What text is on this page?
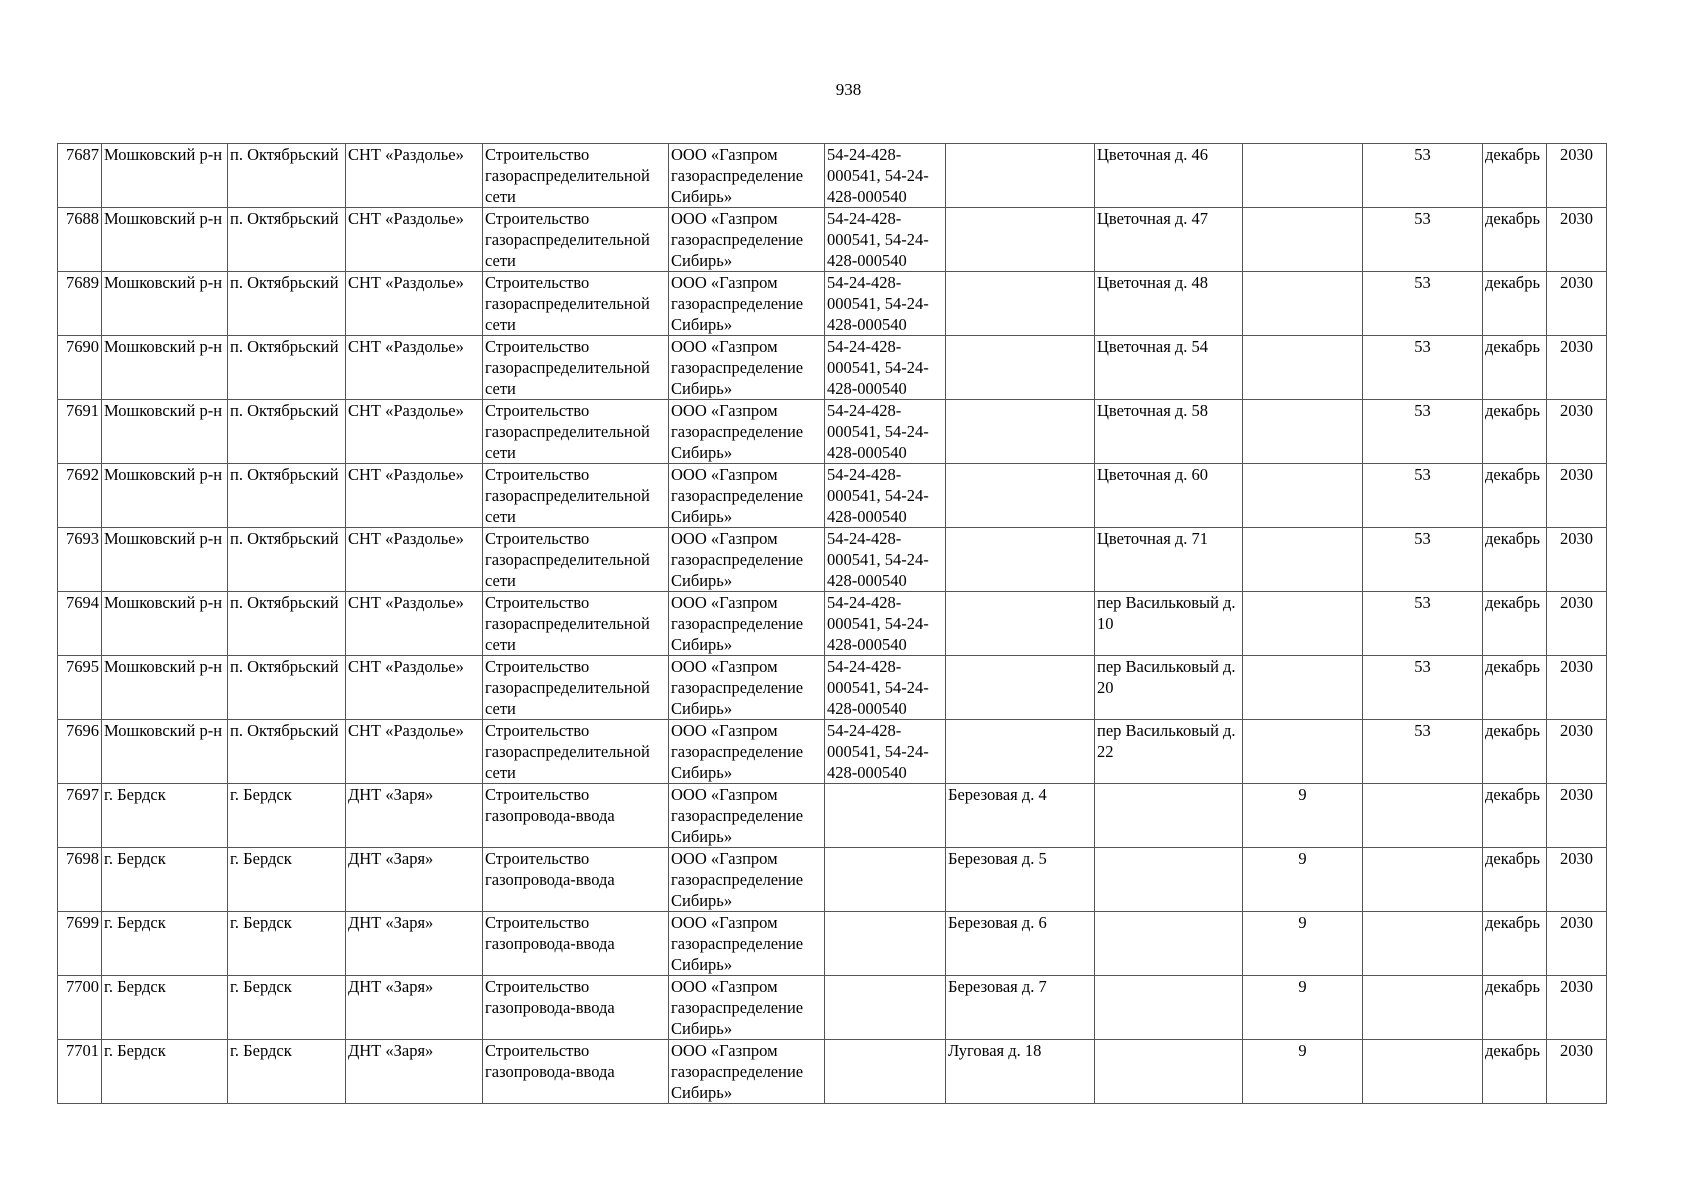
938
7687	Мошковский р-н	п. Октябрьский	СНТ «Раздолье»	Строительство газораспределительной сети	ООО «Газпром газораспределение Сибирь»	54-24-428-000541, 54-24-428-000540		Цветочная д. 46		53	декабрь	2030
7688	Мошковский р-н	п. Октябрьский	СНТ «Раздолье»	Строительство газораспределительной сети	ООО «Газпром газораспределение Сибирь»	54-24-428-000541, 54-24-428-000540		Цветочная д. 47		53	декабрь	2030
7689	Мошковский р-н	п. Октябрьский	СНТ «Раздолье»	Строительство газораспределительной сети	ООО «Газпром газораспределение Сибирь»	54-24-428-000541, 54-24-428-000540		Цветочная д. 48		53	декабрь	2030
7690	Мошковский р-н	п. Октябрьский	СНТ «Раздолье»	Строительство газораспределительной сети	ООО «Газпром газораспределение Сибирь»	54-24-428-000541, 54-24-428-000540		Цветочная д. 54		53	декабрь	2030
7691	Мошковский р-н	п. Октябрьский	СНТ «Раздолье»	Строительство газораспределительной сети	ООО «Газпром газораспределение Сибирь»	54-24-428-000541, 54-24-428-000540		Цветочная д. 58		53	декабрь	2030
7692	Мошковский р-н	п. Октябрьский	СНТ «Раздолье»	Строительство газораспределительной сети	ООО «Газпром газораспределение Сибирь»	54-24-428-000541, 54-24-428-000540		Цветочная д. 60		53	декабрь	2030
7693	Мошковский р-н	п. Октябрьский	СНТ «Раздолье»	Строительство газораспределительной сети	ООО «Газпром газораспределение Сибирь»	54-24-428-000541, 54-24-428-000540		Цветочная д. 71		53	декабрь	2030
7694	Мошковский р-н	п. Октябрьский	СНТ «Раздолье»	Строительство газораспределительной сети	ООО «Газпром газораспределение Сибирь»	54-24-428-000541, 54-24-428-000540		пер Васильковый д. 10		53	декабрь	2030
7695	Мошковский р-н	п. Октябрьский	СНТ «Раздолье»	Строительство газораспределительной сети	ООО «Газпром газораспределение Сибирь»	54-24-428-000541, 54-24-428-000540		пер Васильковый д. 20		53	декабрь	2030
7696	Мошковский р-н	п. Октябрьский	СНТ «Раздолье»	Строительство газораспределительной сети	ООО «Газпром газораспределение Сибирь»	54-24-428-000541, 54-24-428-000540		пер Васильковый д. 22		53	декабрь	2030
7697	г. Бердск	г. Бердск	ДНТ «Заря»	Строительство газопровода-ввода	ООО «Газпром газораспределение Сибирь»		Березовая д. 4		9		декабрь	2030
7698	г. Бердск	г. Бердск	ДНТ «Заря»	Строительство газопровода-ввода	ООО «Газпром газораспределение Сибирь»		Березовая д. 5		9		декабрь	2030
7699	г. Бердск	г. Бердск	ДНТ «Заря»	Строительство газопровода-ввода	ООО «Газпром газораспределение Сибирь»		Березовая д. 6		9		декабрь	2030
7700	г. Бердск	г. Бердск	ДНТ «Заря»	Строительство газопровода-ввода	ООО «Газпром газораспределение Сибирь»		Березовая д. 7		9		декабрь	2030
7701	г. Бердск	г. Бердск	ДНТ «Заря»	Строительство газопровода-ввода	ООО «Газпром газораспределение Сибирь»		Луговая д. 18		9		декабрь	2030
